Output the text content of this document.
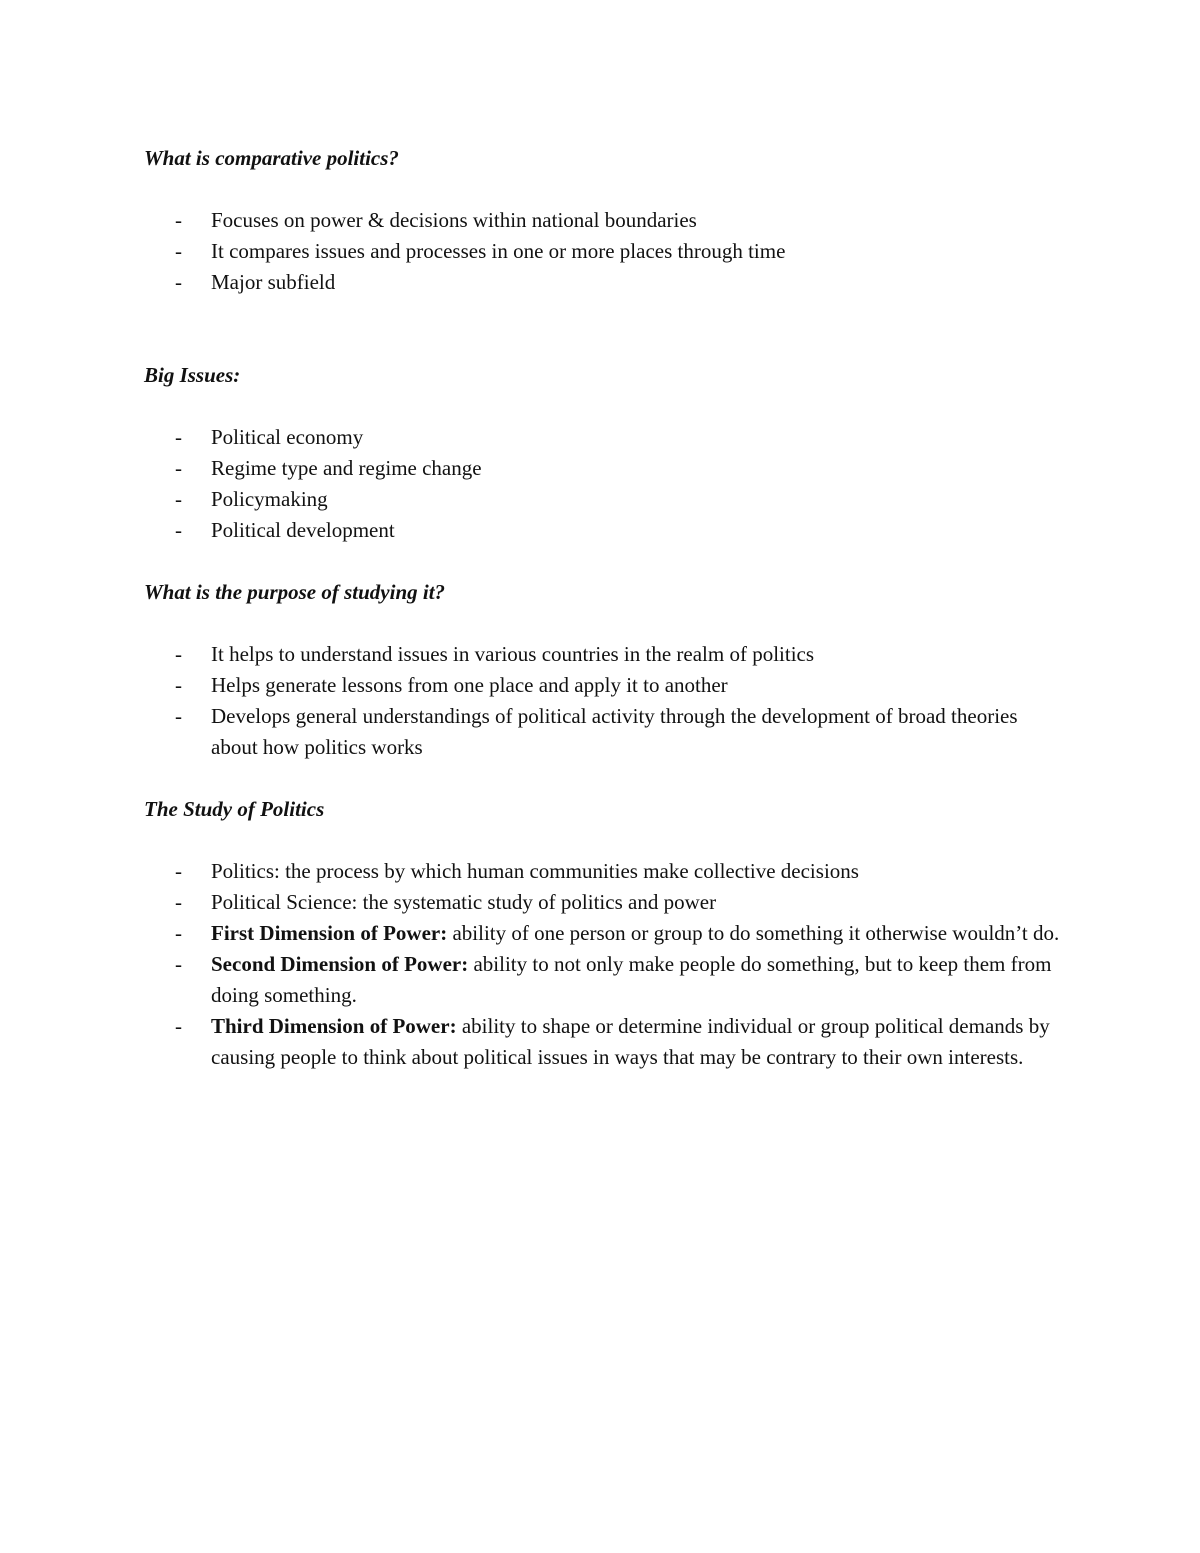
What is comparative politics?

- Focuses on power & decisions within national boundaries
- It compares issues and processes in one or more places through time
- Major subfield

Big Issues:

- Political economy
- Regime type and regime change
- Policymaking
- Political development

What is the purpose of studying it?

- It helps to understand issues in various countries in the realm of politics
- Helps generate lessons from one place and apply it to another
- Develops general understandings of political activity through the development of broad theories about how politics works

The Study of Politics

- Politics: the process by which human communities make collective decisions
- Political Science: the systematic study of politics and power
- First Dimension of Power: ability of one person or group to do something it otherwise wouldn’t do.
- Second Dimension of Power: ability to not only make people do something, but to keep them from doing something.
- Third Dimension of Power: ability to shape or determine individual or group political demands by causing people to think about political issues in ways that may be contrary to their own interests.
